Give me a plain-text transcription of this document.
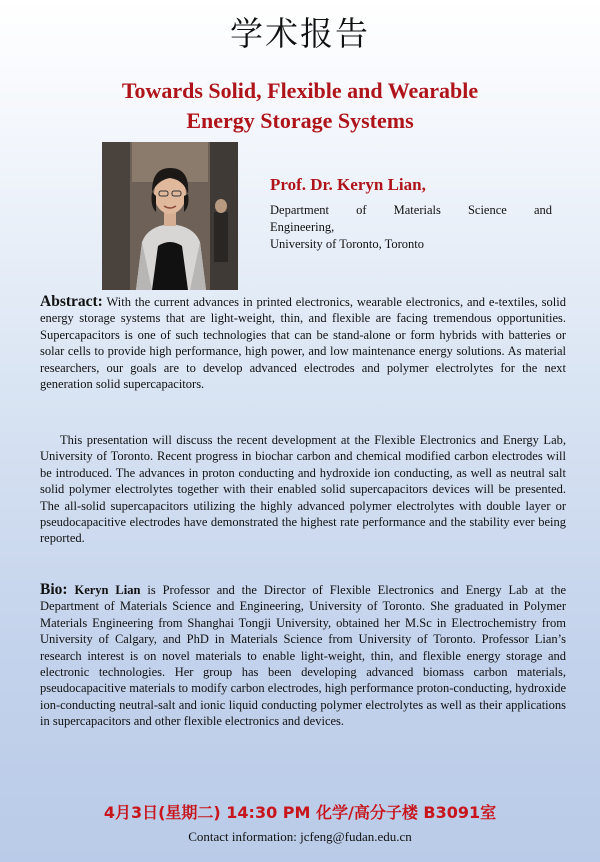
学术报告
Towards Solid, Flexible and Wearable
Energy Storage Systems
Prof. Dr. Keryn Lian,
Department of Materials Science and
Engineering,
University of Toronto, Toronto
Abstract: With the current advances in printed electronics, wearable electronics, and e-textiles, solid energy storage systems that are light-weight, thin, and flexible are facing tremendous opportunities. Supercapacitors is one of such technologies that can be stand-alone or form hybrids with batteries or solar cells to provide high performance, high power, and low maintenance energy solutions. As material researchers, our goals are to develop advanced electrodes and polymer electrolytes for the next generation solid supercapacitors.
This presentation will discuss the recent development at the Flexible Electronics and Energy Lab, University of Toronto. Recent progress in biochar carbon and chemical modified carbon electrodes will be introduced. The advances in proton conducting and hydroxide ion conducting, as well as neutral salt solid polymer electrolytes together with their enabled solid supercapacitors devices will be presented. The all-solid supercapacitors utilizing the highly advanced polymer electrolytes with double layer or pseudocapacitive electrodes have demonstrated the highest rate performance and the stability ever being reported.
Bio: Keryn Lian is Professor and the Director of Flexible Electronics and Energy Lab at the Department of Materials Science and Engineering, University of Toronto. She graduated in Polymer Materials Engineering from Shanghai Tongji University, obtained her M.Sc in Electrochemistry from University of Calgary, and PhD in Materials Science from University of Toronto. Professor Lian’s research interest is on novel materials to enable light-weight, thin, and flexible energy storage and electronic technologies. Her group has been developing advanced biomass carbon materials, pseudocapacitive materials to modify carbon electrodes, high performance proton-conducting, hydroxide ion-conducting neutral-salt and ionic liquid conducting polymer electrolytes as well as their applications in supercapacitors and other flexible electronics and devices.
4月3日(星期二) 14:30 PM 化学/高分子楼 B3091室
Contact information: jcfeng@fudan.edu.cn
